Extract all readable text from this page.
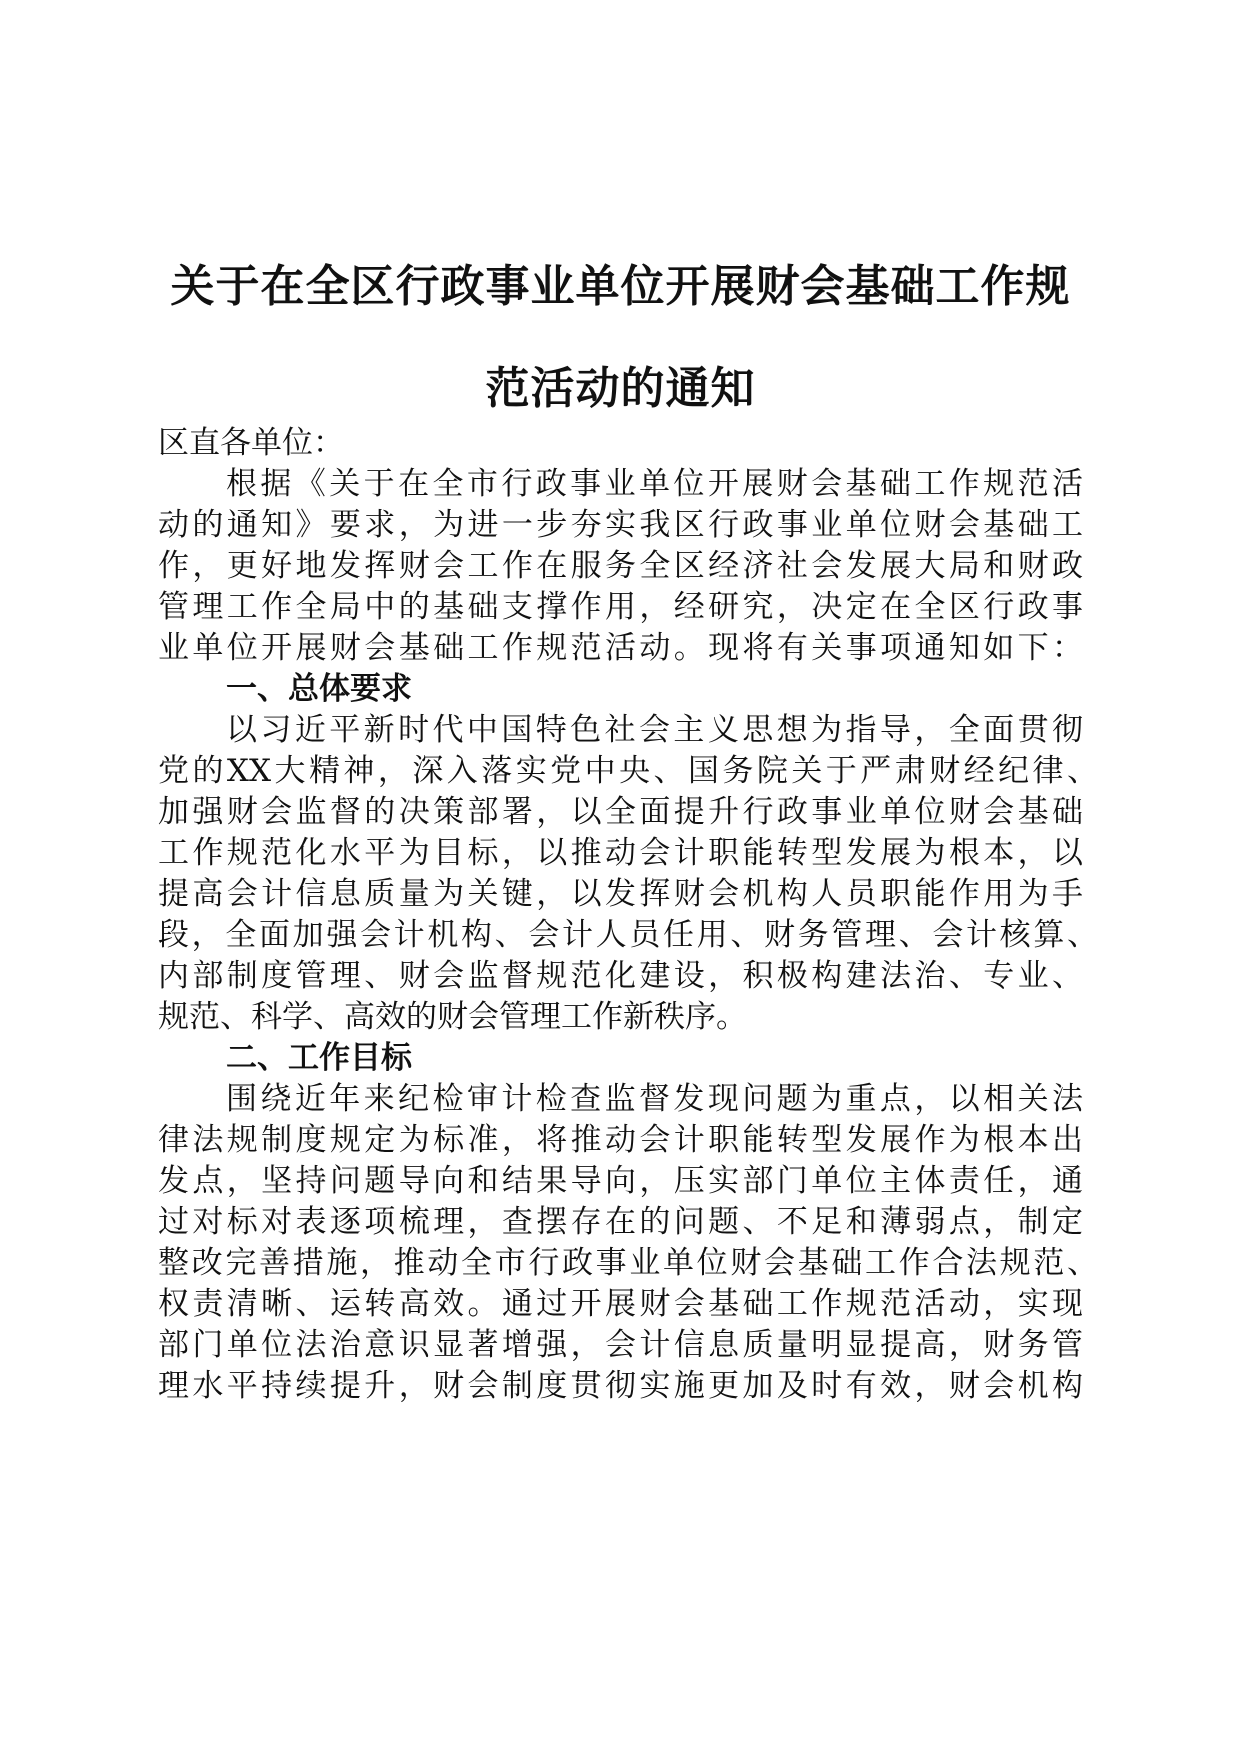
关于在全区行政事业单位开展财会基础工作规
范活动的通知
区直各单位：
根据《关于在全市行政事业单位开展财会基础工作规范活
动的通知》要求，为进一步夯实我区行政事业单位财会基础工
作，更好地发挥财会工作在服务全区经济社会发展大局和财政
管理工作全局中的基础支撑作用，经研究，决定在全区行政事
业单位开展财会基础工作规范活动。现将有关事项通知如下：
一、总体要求
以习近平新时代中国特色社会主义思想为指导，全面贯彻
党的XX大精神，深入落实党中央、国务院关于严肃财经纪律、
加强财会监督的决策部署，以全面提升行政事业单位财会基础
工作规范化水平为目标，以推动会计职能转型发展为根本，以
提高会计信息质量为关键，以发挥财会机构人员职能作用为手
段，全面加强会计机构、会计人员任用、财务管理、会计核算、
内部制度管理、财会监督规范化建设，积极构建法治、专业、
规范、科学、高效的财会管理工作新秩序。
二、工作目标
围绕近年来纪检审计检查监督发现问题为重点，以相关法
律法规制度规定为标准，将推动会计职能转型发展作为根本出
发点，坚持问题导向和结果导向，压实部门单位主体责任，通
过对标对表逐项梳理，查摆存在的问题、不足和薄弱点，制定
整改完善措施，推动全市行政事业单位财会基础工作合法规范、
权责清晰、运转高效。通过开展财会基础工作规范活动，实现
部门单位法治意识显著增强，会计信息质量明显提高，财务管
理水平持续提升，财会制度贯彻实施更加及时有效，财会机构
